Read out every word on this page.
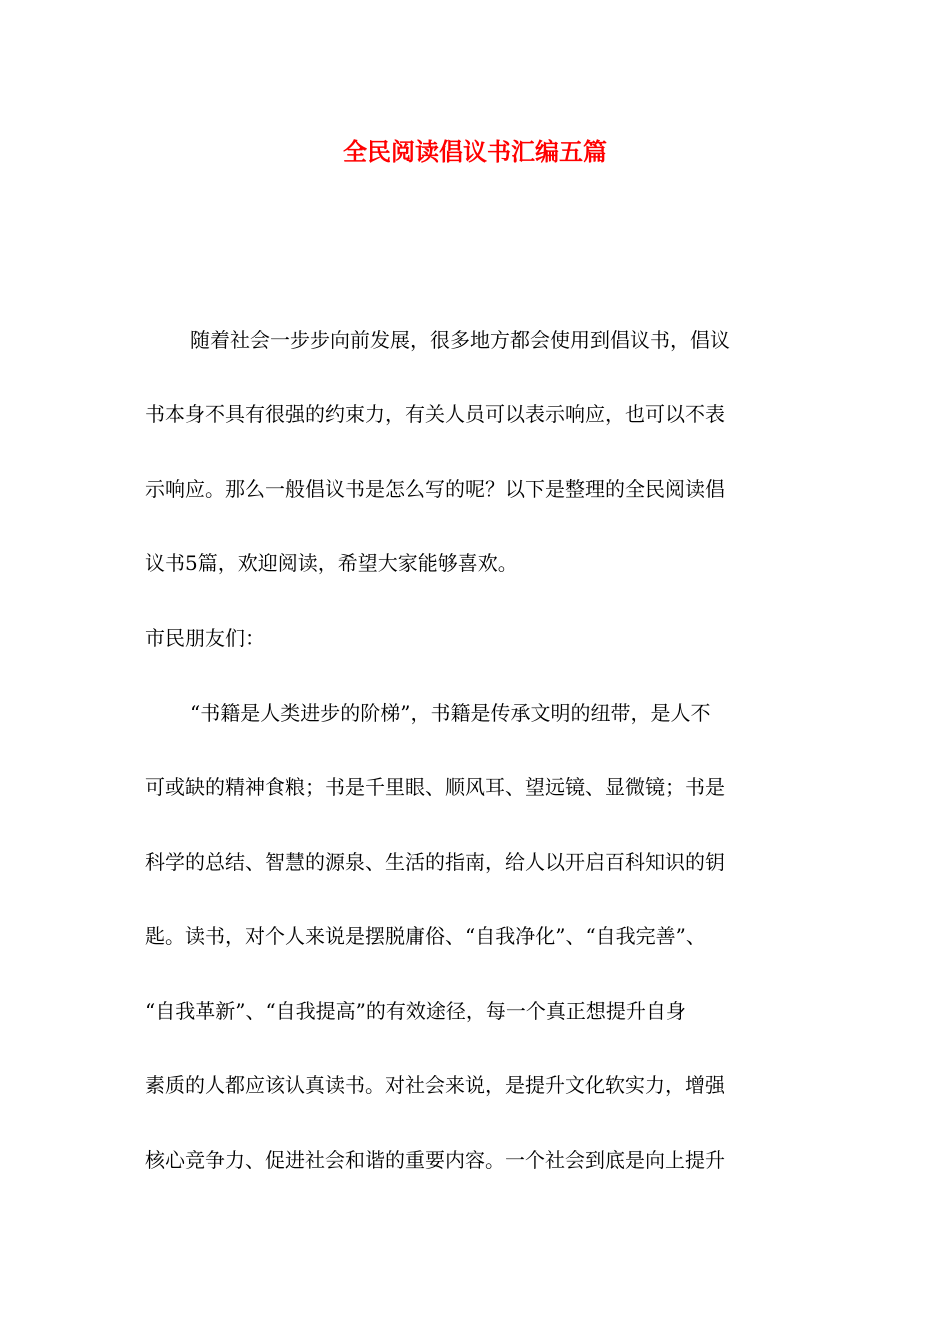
全民阅读倡议书汇编五篇

随着社会一步步向前发展，很多地方都会使用到倡议书，倡议

书本身不具有很强的约束力，有关人员可以表示响应，也可以不表

示响应。那么一般倡议书是怎么写的呢？以下是整理的全民阅读倡

议书5篇，欢迎阅读，希望大家能够喜欢。

市民朋友们：

“书籍是人类进步的阶梯”，书籍是传承文明的纽带，是人不

可或缺的精神食粮；书是千里眼、顺风耳、望远镜、显微镜；书是

科学的总结、智慧的源泉、生活的指南，给人以开启百科知识的钥

匙。读书，对个人来说是摆脱庸俗、“自我净化”、“自我完善”、

“自我革新”、“自我提高”的有效途径，每一个真正想提升自身

素质的人都应该认真读书。对社会来说，是提升文化软实力，增强

核心竞争力、促进社会和谐的重要内容。一个社会到底是向上提升
